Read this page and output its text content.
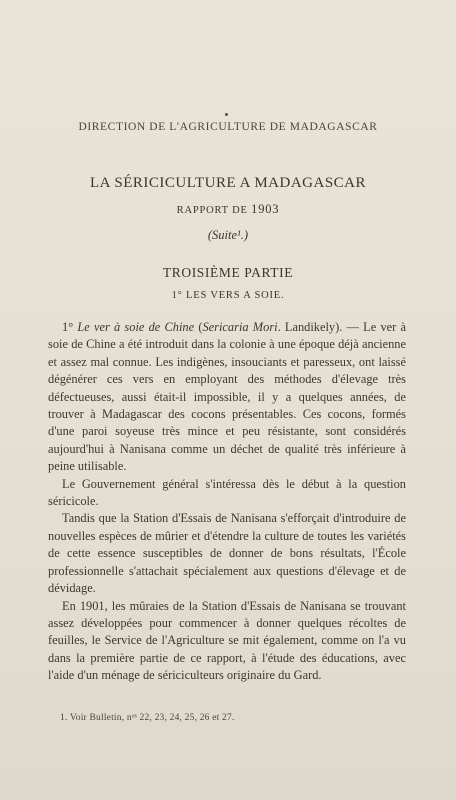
DIRECTION DE L'AGRICULTURE DE MADAGASCAR
LA SÉRICICULTURE A MADAGASCAR
RAPPORT DE 1903
(Suite¹.)
TROISIÈME PARTIE
1° LES VERS A SOIE.

1° Le ver à soie de Chine (Sericaria Mori. Landikely). — Le ver à soie de Chine a été introduit dans la colonie à une époque déjà ancienne et assez mal connue. Les indigènes, insouciants et paresseux, ont laissé dégénérer ces vers en employant des méthodes d'élevage très défectueuses, aussi était-il impossible, il y a quelques années, de trouver à Madagascar des cocons présentables. Ces cocons, formés d'une paroi soyeuse très mince et peu résistante, sont considérés aujourd'hui à Nanisana comme un déchet de qualité très inférieure à peine utilisable.

Le Gouvernement général s'intéressa dès le début à la question séricicole.

Tandis que la Station d'Essais de Nanisana s'efforçait d'introduire de nouvelles espèces de mûrier et d'étendre la culture de toutes les variétés de cette essence susceptibles de donner de bons résultats, l'École professionnelle s'attachait spécialement aux questions d'élevage et de dévidage.

En 1901, les mûraies de la Station d'Essais de Nanisana se trouvant assez développées pour commencer à donner quelques récoltes de feuilles, le Service de l'Agriculture se mit également, comme on l'a vu dans la première partie de ce rapport, à l'étude des éducations, avec l'aide d'un ménage de sériciculteurs originaire du Gard.

1. Voir Bulletin, nᵒˢ 22, 23, 24, 25, 26 et 27.
